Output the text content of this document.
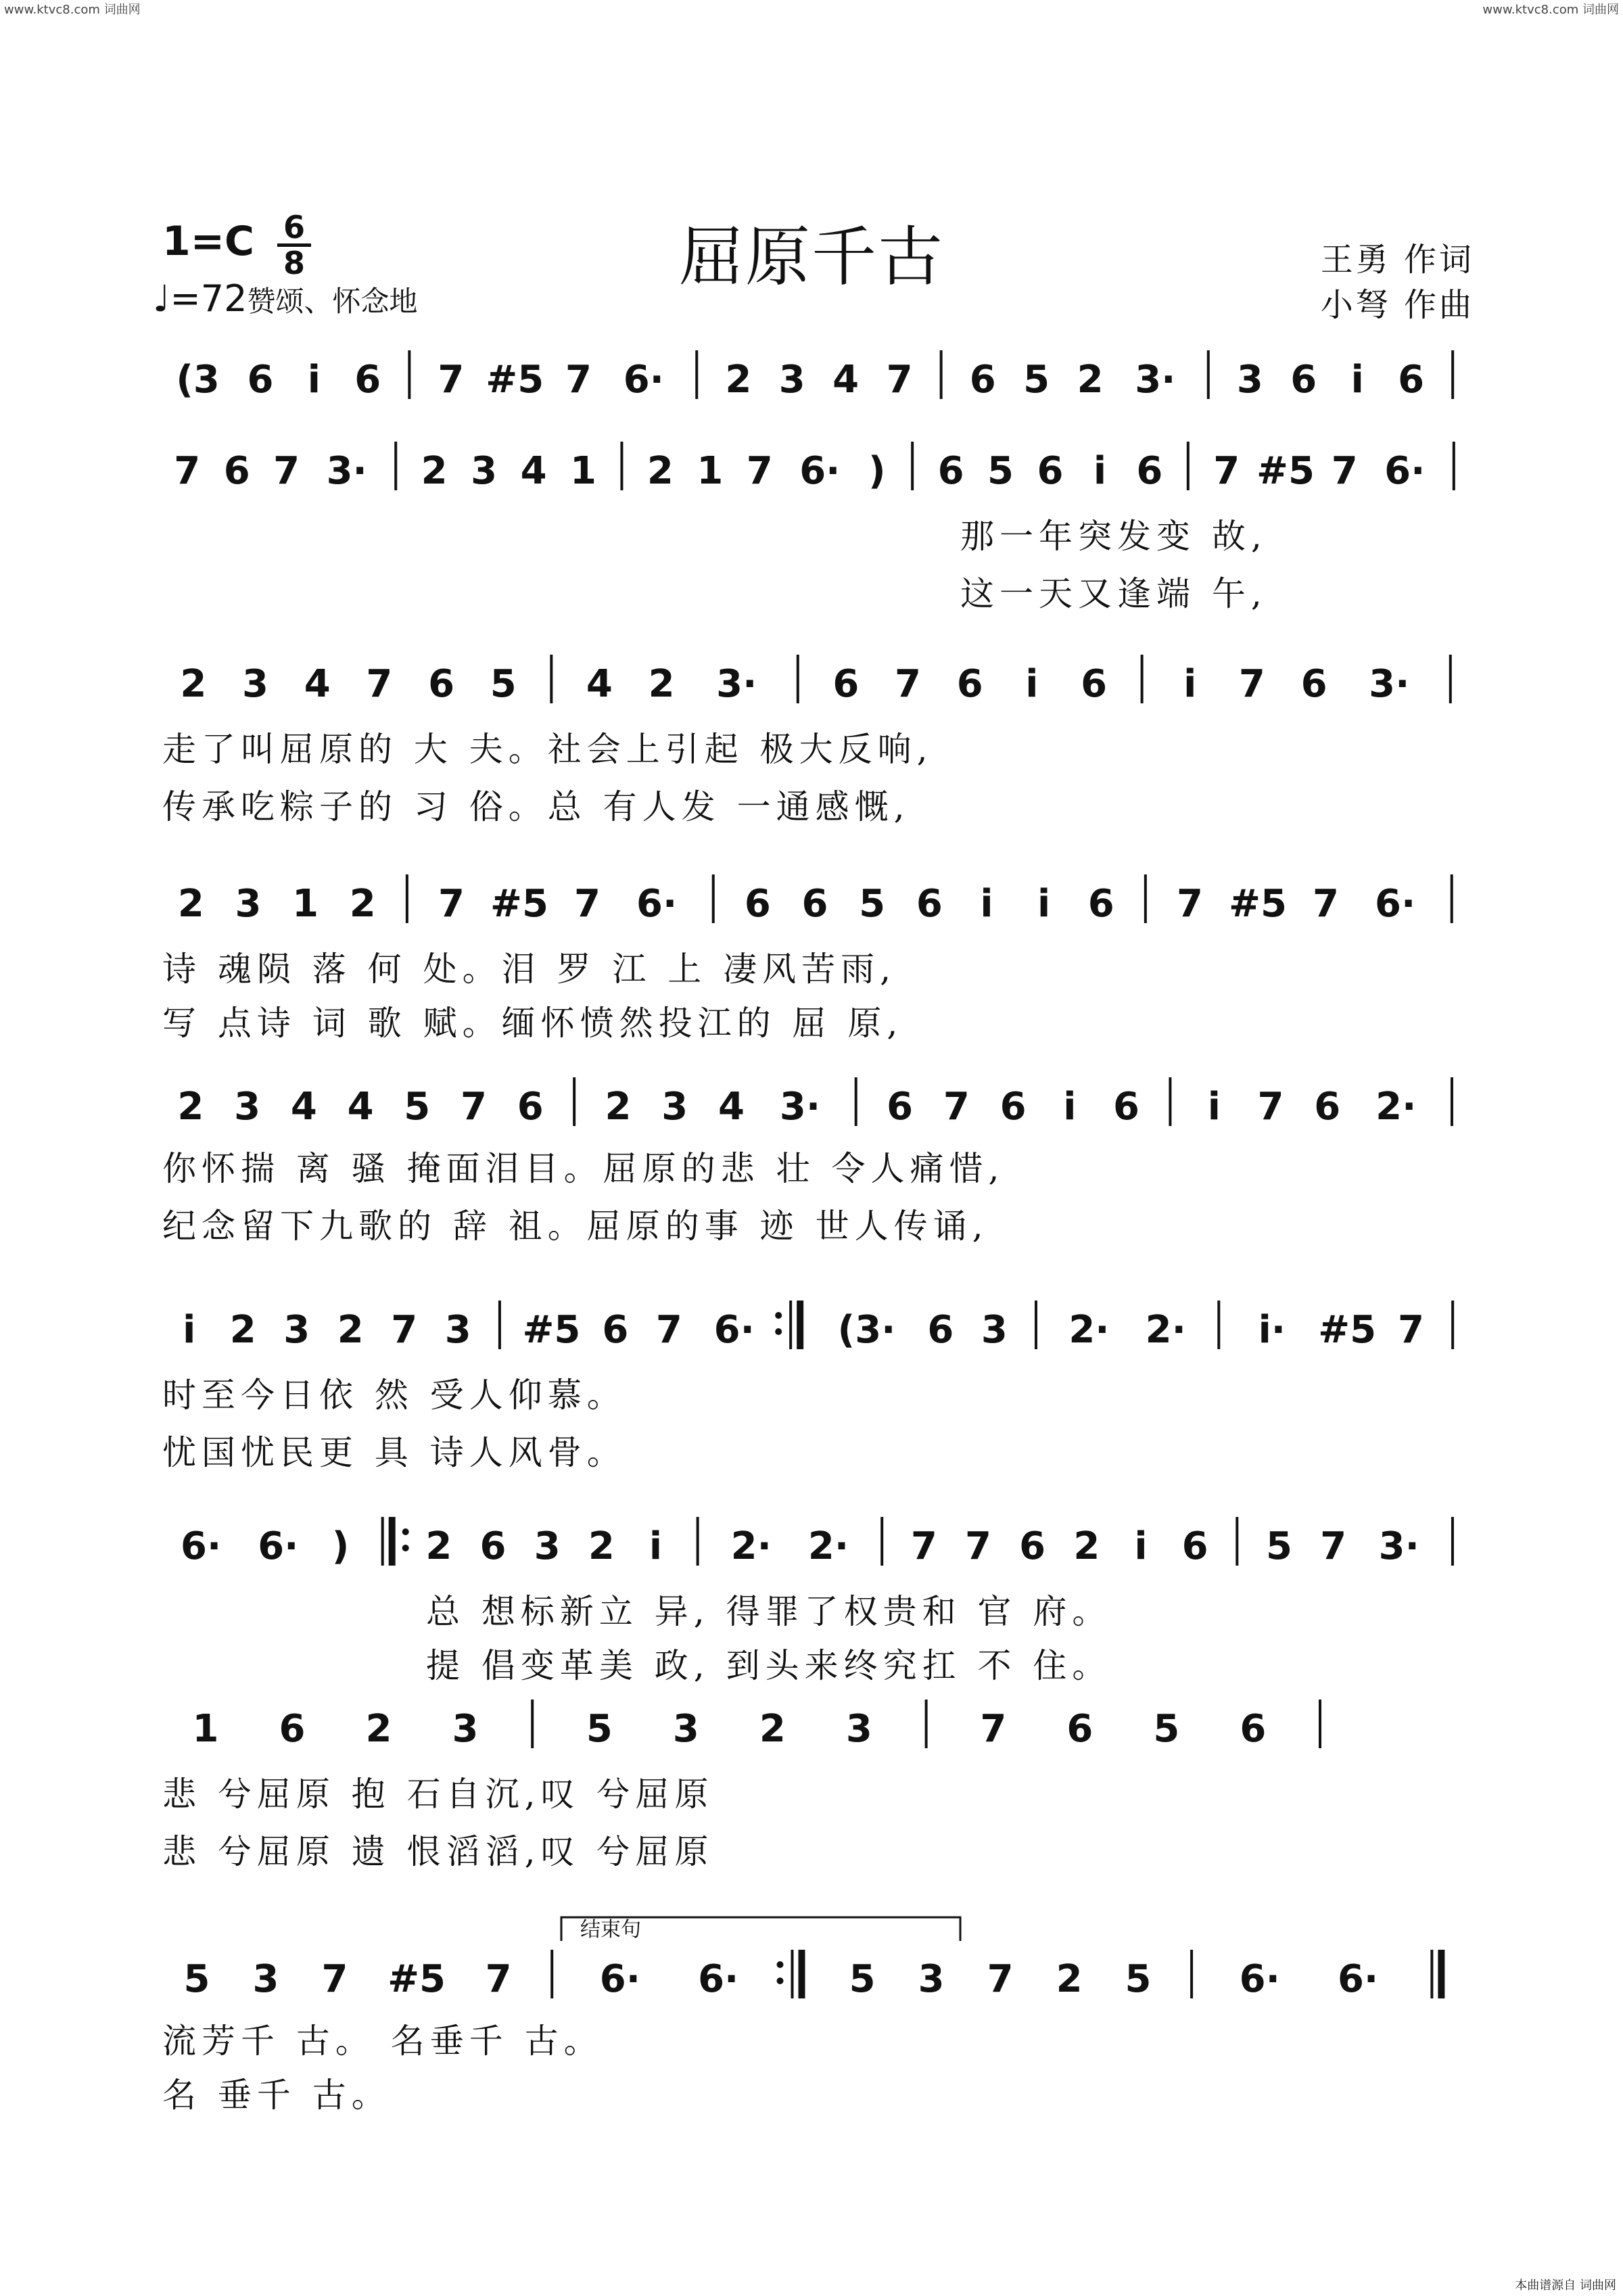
www.ktvc8.com 词曲网	www.ktvc8.com 词曲网
屈原千古
1=C 6
8
♩=72赞颂、怀念地
王勇 作词
小弩 作曲
(3 6 i 6 7 #5 7 6· 2 3 4 7 6 5 2 3· 3 6 i 6
7 6 7 3· 2 3 4 1 2 1 7 6· ) 6 5 6 i 6 7 #5 7 6·
那一年突发变 故,
这一天又逢端 午,
2 3 4 7 6 5 4 2 3· 6 7 6 i 6 i 7 6 3·
走了叫屈原的 大 夫。社会上引起 极大反响,
传承吃粽子的 习 俗。总 有人发 一通感慨,
2 3 1 2 7 #5 7 6· 6 6 5 6 i i 6 7 #5 7 6·
诗 魂陨 落 何 处。泪 罗 江 上 凄风苦雨,
写 点诗 词 歌 赋。缅怀愤然投江的 屈 原,
2 3 4 4 5 7 6 2 3 4 3· 6 7 6 i 6 i 7 6 2·
你怀揣 离 骚 掩面泪目。屈原的悲 壮 令人痛惜,
纪念留下九歌的 辞 祖。屈原的事 迹 世人传诵,
i 2 3 2 7 3 #5 6 7 6· (3· 6 3 2· 2· i· #5 7
时至今日依 然 受人仰慕。
忧国忧民更 具 诗人风骨。
6· 6· ) 2 6 3 2 i 2· 2· 7 7 6 2 i 6 5 7 3·
总 想标新立 异, 得罪了权贵和 官 府。
提 倡变革美 政, 到头来终究扛 不 住。
1 6 2 3	5 3 2 3	7 6 5 6
悲 兮屈原 抱 石自沉,叹 兮屈原
悲 兮屈原 遗 恨滔滔,叹 兮屈原
5 3 7 #5 7 6· 6·	5 3 7 2 5 6· 6·
流芳千 古。 名垂千 古。
名 垂千 古。
结束句
本曲谱源自 词曲网
